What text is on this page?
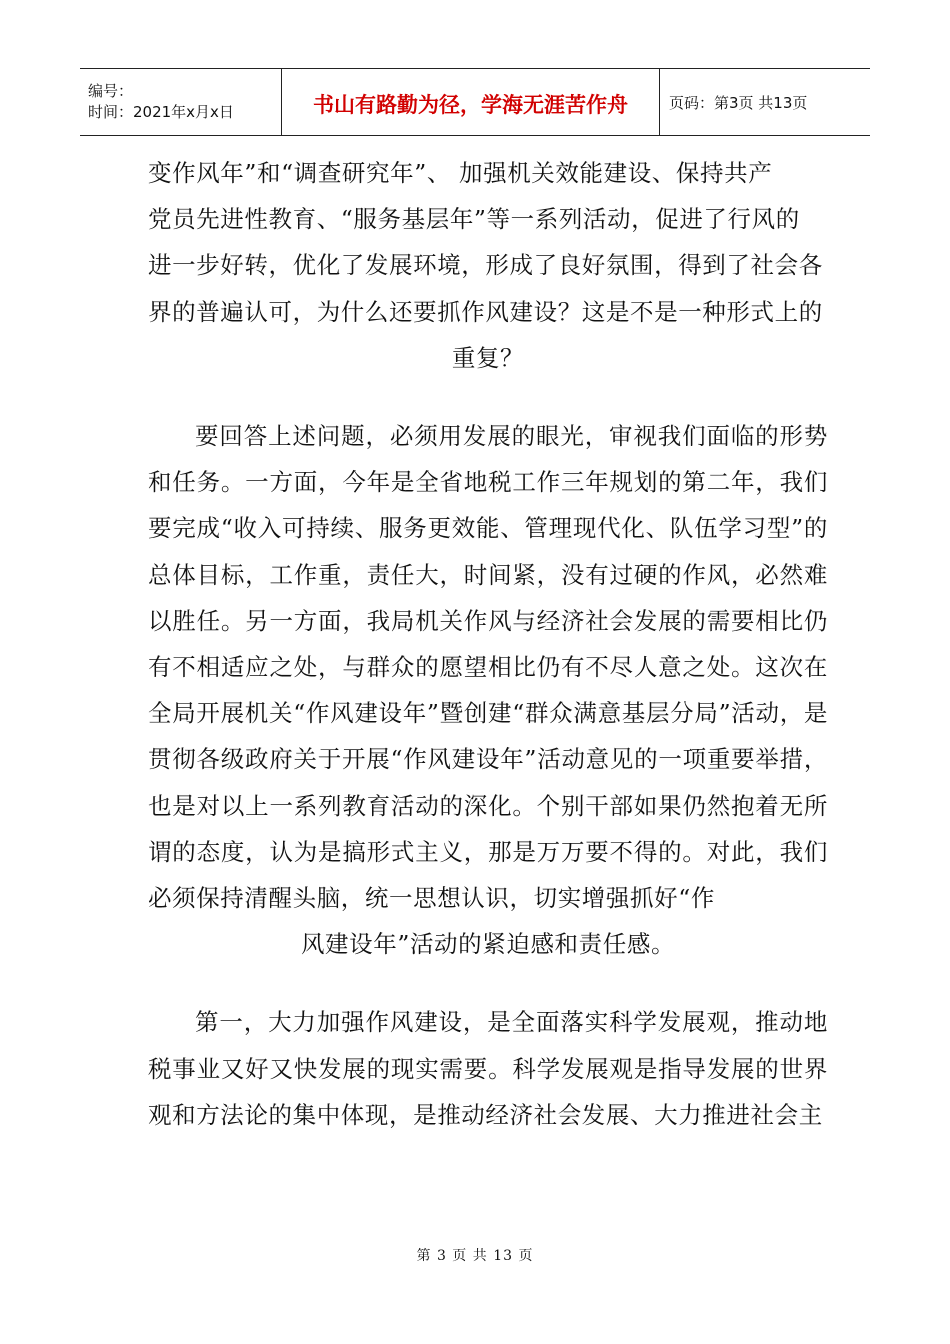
编号：
时间：2021年x月x日	书山有路勤为径，学海无涯苦作舟	页码：第3页 共13页

变作风年”和“调查研究年”、 加强机关效能建设、保持共产

党员先进性教育、“服务基层年”等一系列活动，促进了行风的

进一步好转，优化了发展环境，形成了良好氛围，得到了社会各

界的普遍认可，为什么还要抓作风建设？这是不是一种形式上的

重复？

要回答上述问题，必须用发展的眼光，审视我们面临的形势和任务。一方面，今年是全省地税工作三年规划的第二年，我们要完成“收入可持续、服务更效能、管理现代化、队伍学习型”的总体目标，工作重，责任大，时间紧，没有过硬的作风，必然难以胜任。另一方面，我局机关作风与经济社会发展的需要相比仍有不相适应之处，与群众的愿望相比仍有不尽人意之处。这次在全局开展机关“作风建设年”暨创建“群众满意基层分局”活动，是贯彻各级政府关于开展“作风建设年”活动意见的一项重要举措，也是对以上一系列教育活动的深化。个别干部如果仍然抱着无所谓的态度，认为是搞形式主义，那是万万要不得的。对此，我们必须保持清醒头脑，统一思想认识，切实增强抓好“作

风建设年”活动的紧迫感和责任感。

第一，大力加强作风建设，是全面落实科学发展观，推动地税事业又好又快发展的现实需要。科学发展观是指导发展的世界观和方法论的集中体现，是推动经济社会发展、大力推进社会主

第 3 页 共 13 页
